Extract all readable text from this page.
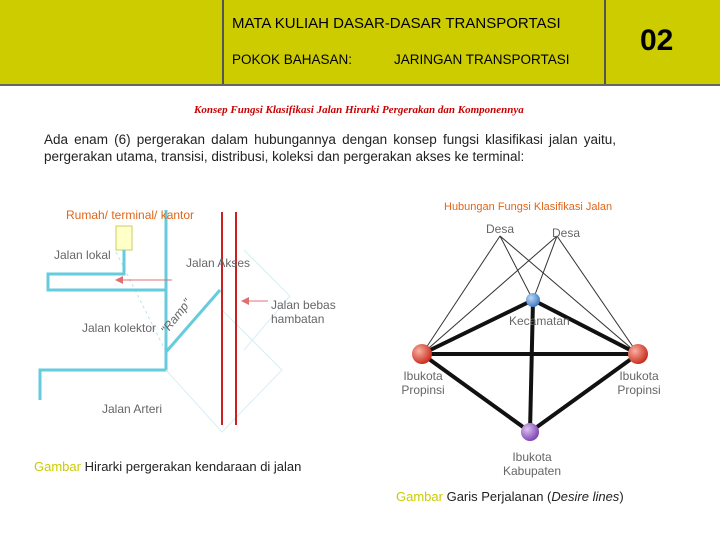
MATA KULIAH DASAR-DASAR TRANSPORTASI
POKOK BAHASAN:	JARINGAN TRANSPORTASI
02
Konsep Fungsi Klasifikasi Jalan Hirarki Pergerakan dan Komponennya
Ada enam (6) pergerakan dalam hubungannya dengan konsep fungsi klasifikasi jalan yaitu, pergerakan utama, transisi, distribusi, koleksi dan pergerakan akses ke terminal:
Rumah/ terminal/ kantor
Jalan lokal
Jalan Akses
Jalan kolektor "Ramp"	Jalan bebas hambatan
Jalan Arteri
Gambar Hirarki pergerakan kendaraan di jalan
Hubungan Fungsi Klasifikasi Jalan
Desa	Desa
Kecamatan
Ibukota Propinsi
Ibukota Propinsi
Ibukota Kabupaten
Gambar Garis Perjalanan (Desire lines)
